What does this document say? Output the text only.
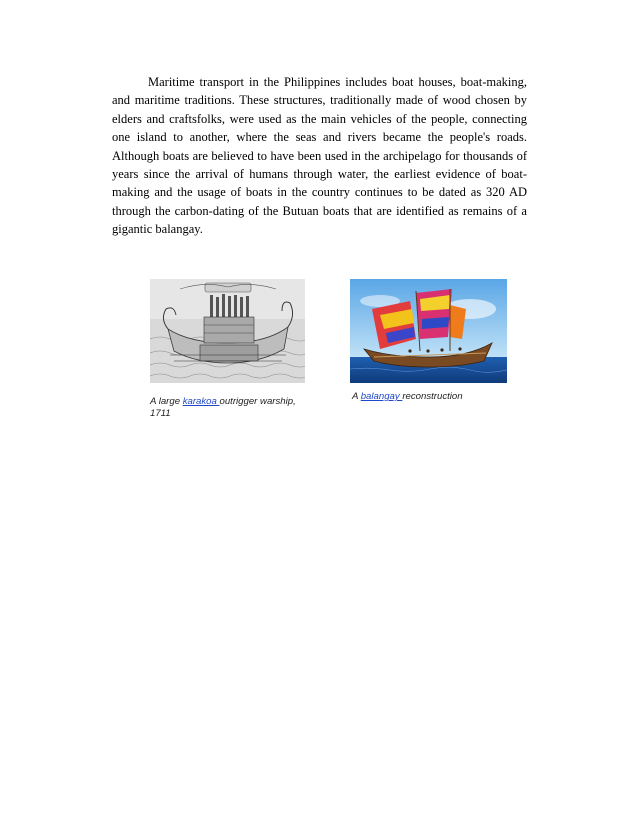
Maritime transport in the Philippines includes boat houses, boat-making, and maritime traditions. These structures, traditionally made of wood chosen by elders and craftsfolks, were used as the main vehicles of the people, connecting one island to another, where the seas and rivers became the people's roads. Although boats are believed to have been used in the archipelago for thousands of years since the arrival of humans through water, the earliest evidence of boat-making and the usage of boats in the country continues to be dated as 320 AD through the carbon-dating of the Butuan boats that are identified as remains of a gigantic balangay.

A large karakoa outrigger warship, 1711
A balangay reconstruction
